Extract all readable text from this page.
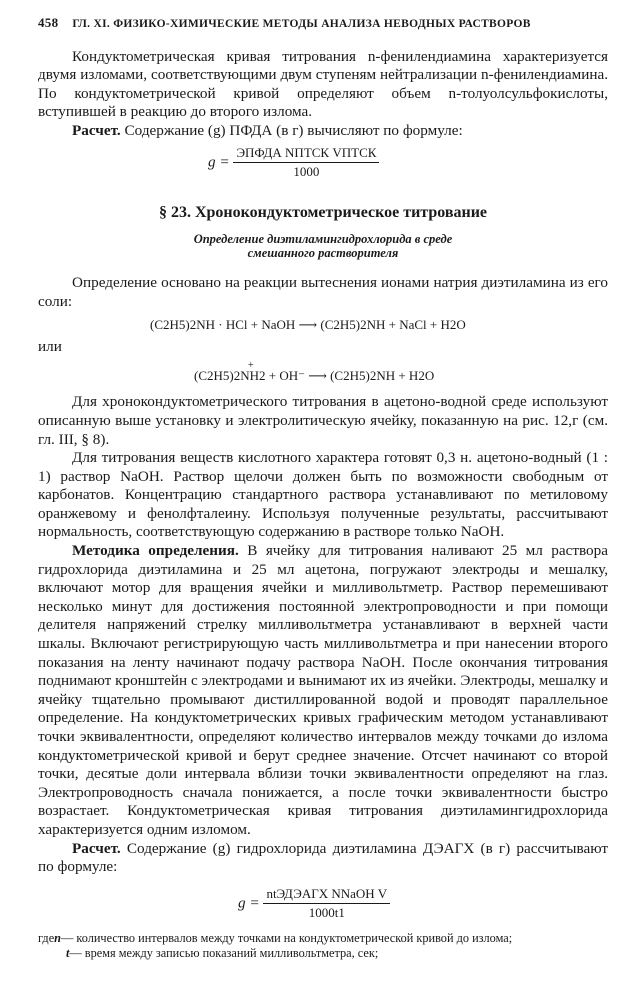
458 ГЛ. XI. ФИЗИКО-ХИМИЧЕСКИЕ МЕТОДЫ АНАЛИЗА НЕВОДНЫХ РАСТВОРОВ

Кондуктометрическая кривая титрования n-фенилендиамина характеризуется двумя изломами, соответствующими двум ступеням нейтрализации n-фенилендиамина. По кондуктометрической кривой определяют объем n-толуолсульфокислоты, вступившей в реакцию до второго излома.

Расчет. Содержание (g) ПФДА (в г) вычисляют по формуле:

$g = \frac{\text{ЭПФДА NПТСК VПТСК}}{1000}$
§ 23. Хронокондуктометрическое титрование
Определение диэтиламингидрохлорида в среде
смешанного растворителя

Определение основано на реакции вытеснения ионами натрия диэтиламина из его соли:

(C2H5)2NH · HCl + NaOH ⟶ (C2H5)2NH + NaCl + H2O
или
+
(C2H5)2NH2 + OH⁻ ⟶ (C2H5)2NH + H2O

Для хронокондуктометрического титрования в ацетоно-водной среде используют описанную выше установку и электролитическую ячейку, показанную на рис. 12,г (см. гл. III, § 8).

Для титрования веществ кислотного характера готовят 0,3 н. ацетоно-водный (1 : 1) раствор NaOH. Раствор щелочи должен быть по возможности свободным от карбонатов. Концентрацию стандартного раствора устанавливают по метиловому оранжевому и фенолфталеину. Используя полученные результаты, рассчитывают нормальность, соответствующую содержанию в растворе только NaOH.

Методика определения. В ячейку для титрования наливают 25 мл раствора гидрохлорида диэтиламина и 25 мл ацетона, погружают электроды и мешалку, включают мотор для вращения ячейки и милливольтметр. Раствор перемешивают несколько минут для достижения постоянной электропроводности и при помощи делителя напряжений стрелку милливольтметра устанавливают в верхней части шкалы. Включают регистрирующую часть милливольтметра и при нанесении второго показания на ленту начинают подачу раствора NaOH. После окончания титрования поднимают кронштейн с электродами и вынимают их из ячейки. Электроды, мешалку и ячейку тщательно промывают дистиллированной водой и проводят параллельное определение. На кондуктометрических кривых графическим методом устанавливают точки эквивалентности, определяют количество интервалов между точками до излома кондуктометрической кривой и берут среднее значение. Отсчет начинают со второй точки, десятые доли интервала вблизи точки эквивалентности определяют на глаз. Электропроводность сначала понижается, а после точки эквивалентности быстро возрастает. Кондуктометрическая кривая титрования диэтиламингидрохлорида характеризуется одним изломом.

Расчет. Содержание (g) гидрохлорида диэтиламина ДЭАГХ (в г) рассчитывают по формуле:

$g = \frac{\text{ntЭДЭАГХ NNaOH V}}{1000t1}$
где n — количество интервалов между точками на кондуктометрической кривой до излома;
t — время между записью показаний милливольтметра, сек;
